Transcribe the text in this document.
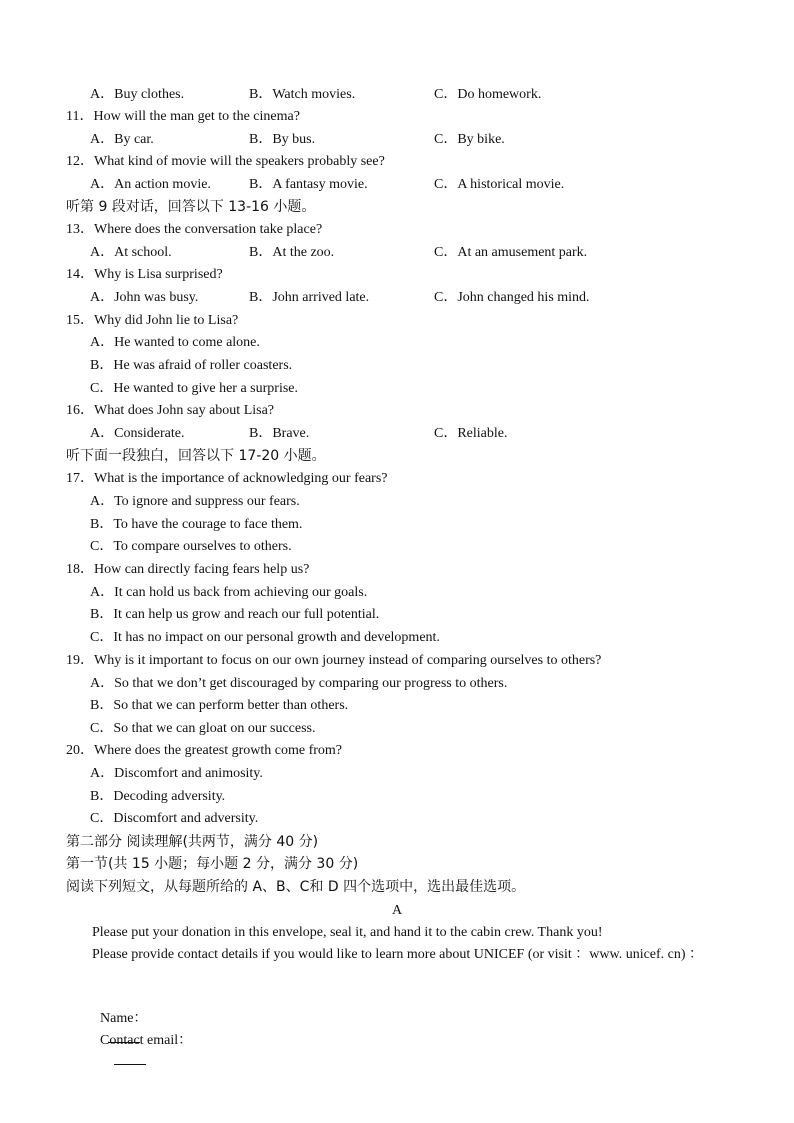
A．Buy clothes.	B．Watch movies.	C．Do homework.
11．How will the man get to the cinema?
A．By car.	B．By bus.	C．By bike.
12．What kind of movie will the speakers probably see?
A．An action movie.	B．A fantasy movie.	C．A historical movie.
听第 9 段对话，回答以下 13-16 小题。
13．Where does the conversation take place?
A．At school.	B．At the zoo.	C．At an amusement park.
14．Why is Lisa surprised?
A．John was busy.	B．John arrived late.	C．John changed his mind.
15．Why did John lie to Lisa?
A．He wanted to come alone.
B．He was afraid of roller coasters.
C．He wanted to give her a surprise.
16．What does John say about Lisa?
A．Considerate.	B．Brave.	C．Reliable.
听下面一段独白，回答以下 17-20 小题。
17．What is the importance of acknowledging our fears?
A．To ignore and suppress our fears.
B．To have the courage to face them.
C．To compare ourselves to others.
18．How can directly facing fears help us?
A．It can hold us back from achieving our goals.
B．It can help us grow and reach our full potential.
C．It has no impact on our personal growth and development.
19．Why is it important to focus on our own journey instead of comparing ourselves to others?
A．So that we don’t get discouraged by comparing our progress to others.
B．So that we can perform better than others.
C．So that we can gloat on our success.
20．Where does the greatest growth come from?
A．Discomfort and animosity.
B．Decoding adversity.
C．Discomfort and adversity.
第二部分 阅读理解(共两节，满分 40 分)
第一节(共 15 小题；每小题 2 分，满分 30 分)
阅读下列短文，从每题所给的 A、B、C和 D 四个选项中，选出最佳选项。
A
Please put your donation in this envelope, seal it, and hand it to the cabin crew. Thank you!
Please provide contact details if you would like to learn more about UNICEF (or visit ：www. unicef. cn) ：

Name：

Contact email：
